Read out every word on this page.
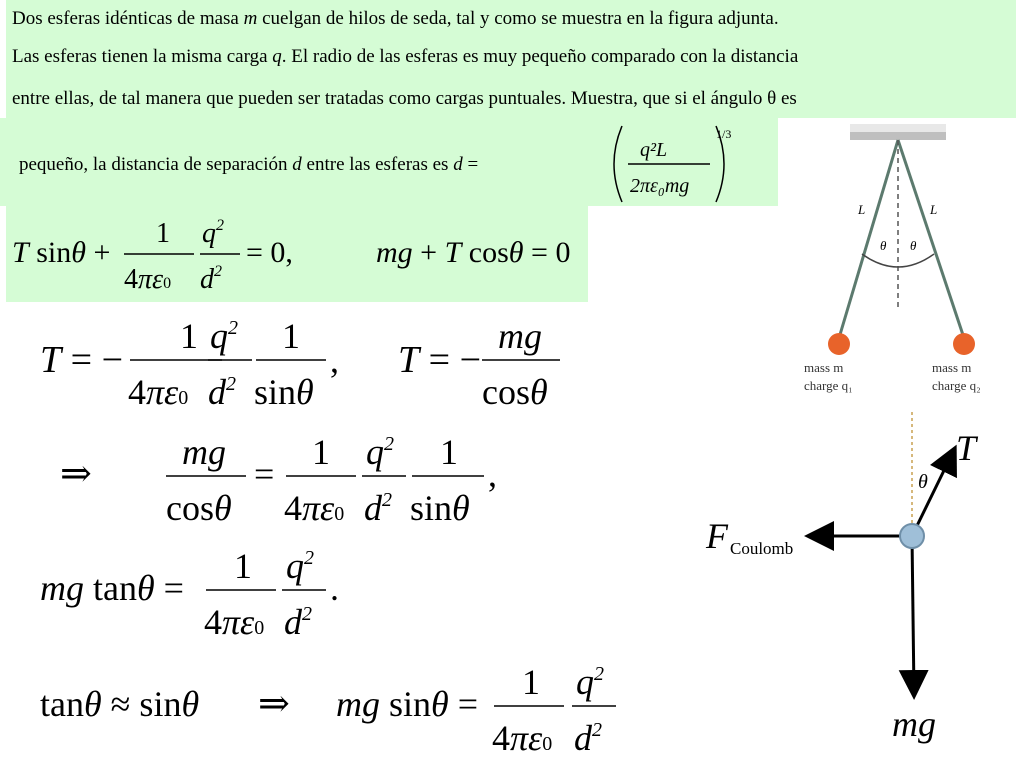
Dos esferas idénticas de masa m cuelgan de hilos de seda, tal y como se muestra en la figura adjunta.
Las esferas tienen la misma carga q. El radio de las esferas es muy pequeño comparado con la distancia
entre ellas, de tal manera que pueden ser tratadas como cargas puntuales. Muestra, que si el ángulo θ es
pequeño, la distancia de separación d entre las esferas es d =
q²L
2πε₀mg
1/3
T sinθ +
1
4πε0
$q^2$
$d^2$
= 0,	mg + T cosθ = 0
T = −
1
4πε0
$q^2$
$d^2$
1
sinθ
, T = −
mg
cosθ
⇒
mg
cosθ
=
1
4πε0
$q^2$
$d^2$
1
sinθ
,
mg tanθ =
1
4πε0
$q^2$
$d^2$
.
tanθ ≈ sinθ ⇒ mg sinθ =
1
4πε0
$q^2$
$d^2$
L	L
θ θ
mass m
charge q₁
mass m
charge q₂
T
θ
F Coulomb
mg
